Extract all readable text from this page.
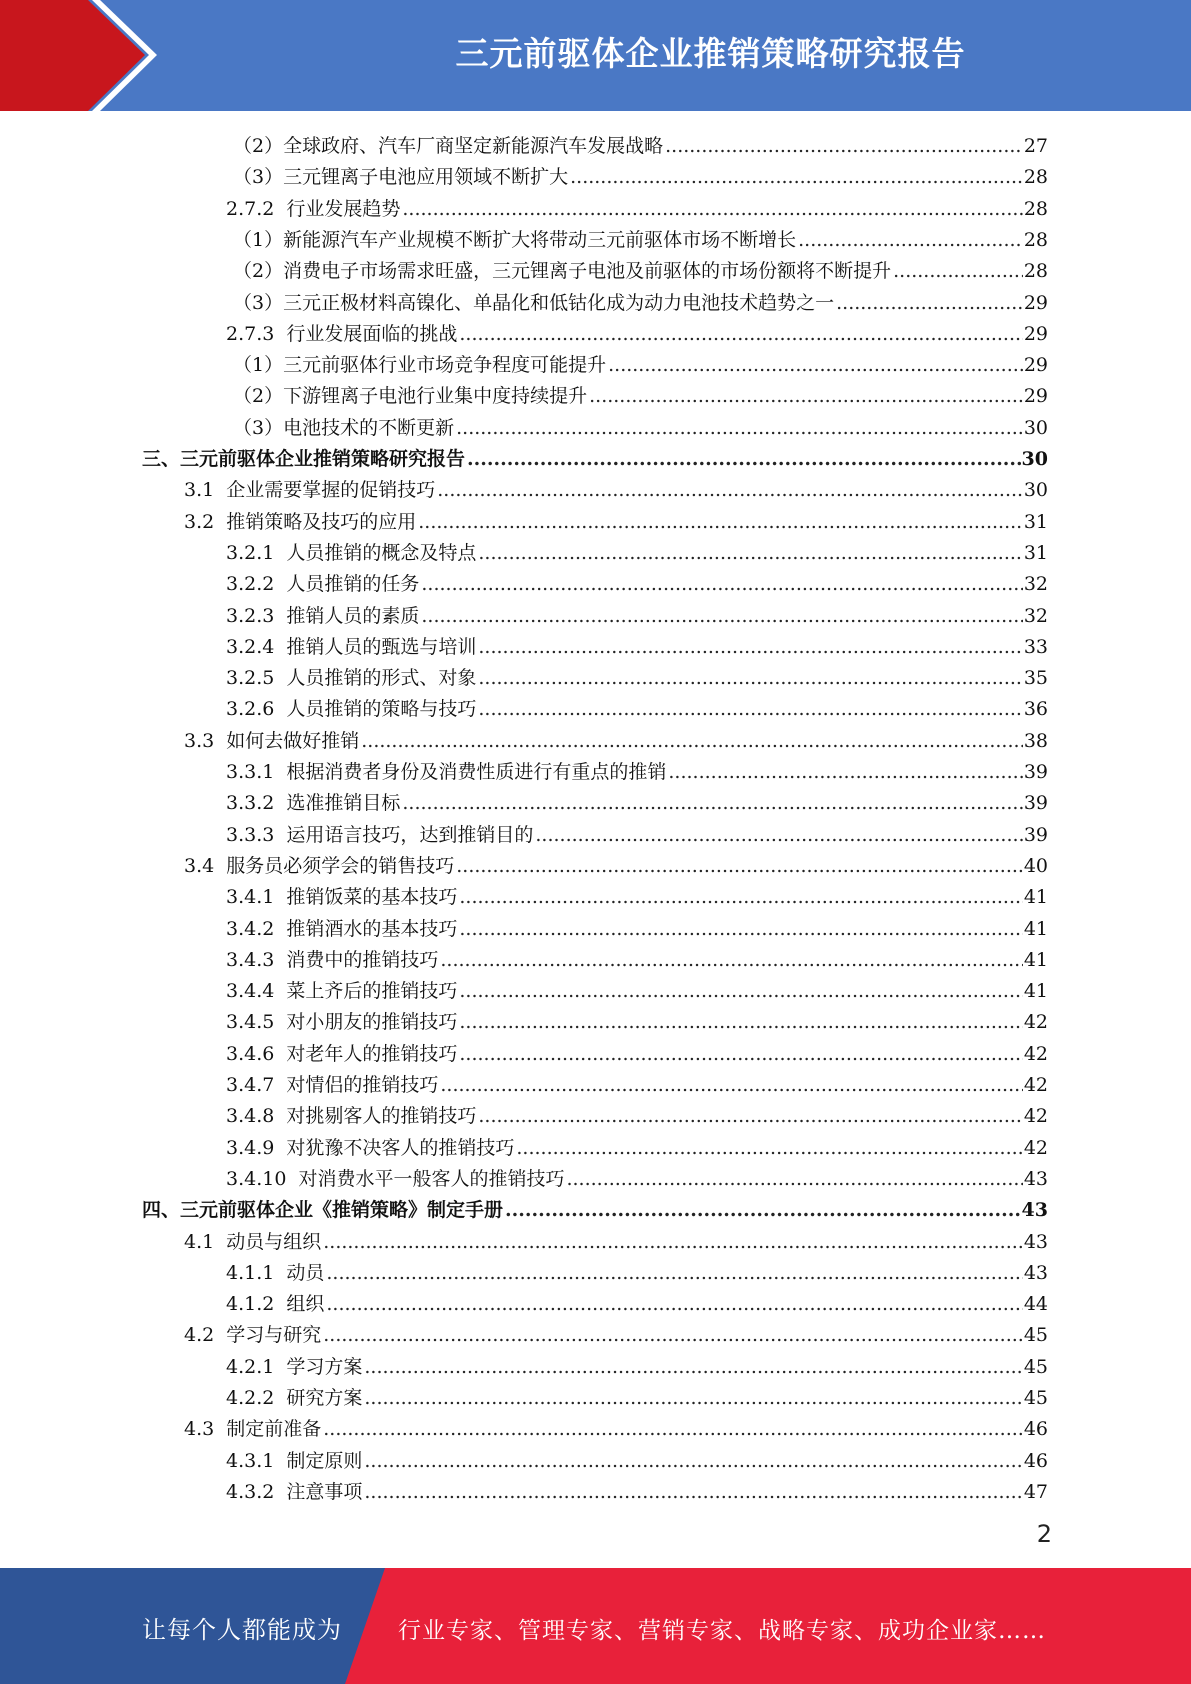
三元前驱体企业推销策略研究报告
（2）全球政府、汽车厂商坚定新能源汽车发展战略 .....	27
（3）三元锂离子电池应用领域不断扩大 .....	28
2.7.2 行业发展趋势 .....	28
（1）新能源汽车产业规模不断扩大将带动三元前驱体市场不断增长 .....	28
（2）消费电子市场需求旺盛，三元锂离子电池及前驱体的市场份额将不断提升 .....	28
（3）三元正极材料高镍化、单晶化和低钴化成为动力电池技术趋势之一 .....	29
2.7.3 行业发展面临的挑战 .....	29
（1）三元前驱体行业市场竞争程度可能提升 .....	29
（2）下游锂离子电池行业集中度持续提升 .....	29
（3）电池技术的不断更新 .....	30
三、三元前驱体企业推销策略研究报告 .....	30
3.1 企业需要掌握的促销技巧 .....	30
3.2 推销策略及技巧的应用 .....	31
3.2.1 人员推销的概念及特点 .....	31
3.2.2 人员推销的任务 .....	32
3.2.3 推销人员的素质 .....	32
3.2.4 推销人员的甄选与培训 .....	33
3.2.5 人员推销的形式、对象 .....	35
3.2.6 人员推销的策略与技巧 .....	36
3.3 如何去做好推销 .....	38
3.3.1 根据消费者身份及消费性质进行有重点的推销 .....	39
3.3.2 选准推销目标 .....	39
3.3.3 运用语言技巧，达到推销目的 .....	39
3.4 服务员必须学会的销售技巧 .....	40
3.4.1 推销饭菜的基本技巧 .....	41
3.4.2 推销酒水的基本技巧 .....	41
3.4.3 消费中的推销技巧 .....	41
3.4.4 菜上齐后的推销技巧 .....	41
3.4.5 对小朋友的推销技巧 .....	42
3.4.6 对老年人的推销技巧 .....	42
3.4.7 对情侣的推销技巧 .....	42
3.4.8 对挑剔客人的推销技巧 .....	42
3.4.9 对犹豫不决客人的推销技巧 .....	42
3.4.10 对消费水平一般客人的推销技巧 .....	43
四、三元前驱体企业《推销策略》制定手册 .....	43
4.1 动员与组织 .....	43
4.1.1 动员 .....	43
4.1.2 组织 .....	44
4.2 学习与研究 .....	45
4.2.1 学习方案 .....	45
4.2.2 研究方案 .....	45
4.3 制定前准备 .....	46
4.3.1 制定原则 .....	46
4.3.2 注意事项 .....	47
2
让每个人都能成为 行业专家、管理专家、营销专家、战略专家、成功企业家……
